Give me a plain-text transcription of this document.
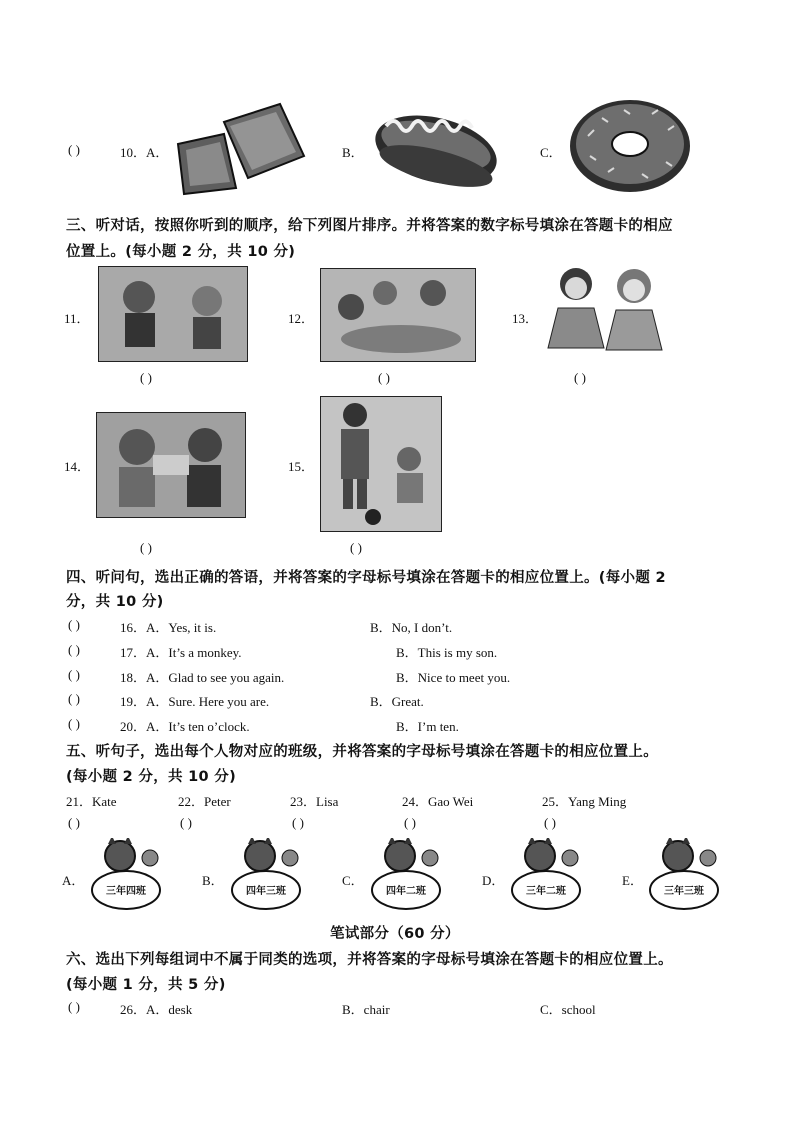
( )	10．A．	B．	C．
三、听对话，按照你听到的顺序，给下列图片排序。并将答案的数字标号填涂在答题卡的相应
位置上。(每小题 2 分，共 10 分)
11．
( )
12．
( )
13．
( )
14．
( )
15．
( )
四、听问句，选出正确的答语，并将答案的字母标号填涂在答题卡的相应位置上。(每小题 2
分，共 10 分)
( )	16．A．Yes, it is.	B．No, I don’t.
( )	17．A．It’s a monkey.	B．This is my son.
( )	18．A．Glad to see you again.	B．Nice to meet you.
( )	19．A．Sure. Here you are.	B．Great.
( )	20．A．It’s ten o’clock.	B．I’m ten.
五、听句子，选出每个人物对应的班级，并将答案的字母标号填涂在答题卡的相应位置上。
(每小题 2 分，共 10 分)
21．Kate	22．Peter	23．Lisa	24．Gao Wei	25．Yang Ming
( )	( )	( )	( )	( )
A．
三年四班
B．
四年三班
C．
四年二班
D．
三年二班
E．
三年三班
笔试部分（60 分）
六、选出下列每组词中不属于同类的选项，并将答案的字母标号填涂在答题卡的相应位置上。
(每小题 1 分，共 5 分)
( )	26．A．desk	B．chair	C．school
